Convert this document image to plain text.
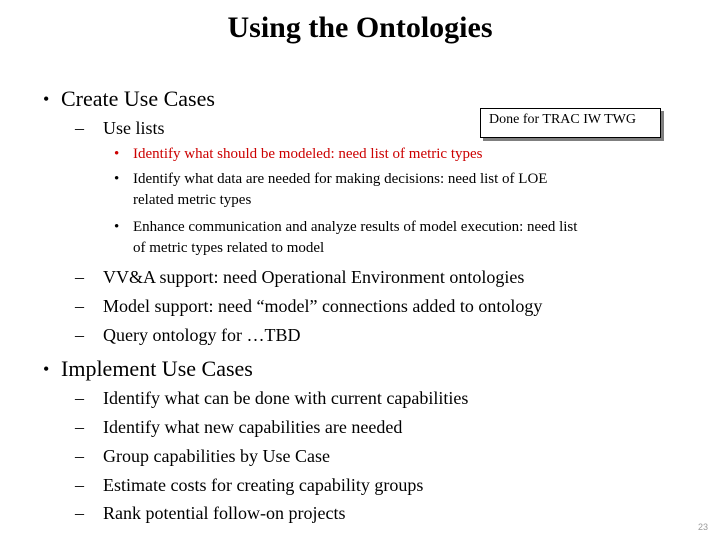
Using the Ontologies
• Create Use Cases
– Use lists	Done for TRAC IW TWG
• Identify what should be modeled: need list of metric types
• Identify what data are needed for making decisions: need list of LOE
related metric types
• Enhance communication and analyze results of model execution: need list
of metric types related to model
– VV&A support: need Operational Environment ontologies
– Model support: need “model” connections added to ontology
– Query ontology for …TBD
• Implement Use Cases
– Identify what can be done with current capabilities
– Identify what new capabilities are needed
– Group capabilities by Use Case
– Estimate costs for creating capability groups
– Rank potential follow-on projects
23
